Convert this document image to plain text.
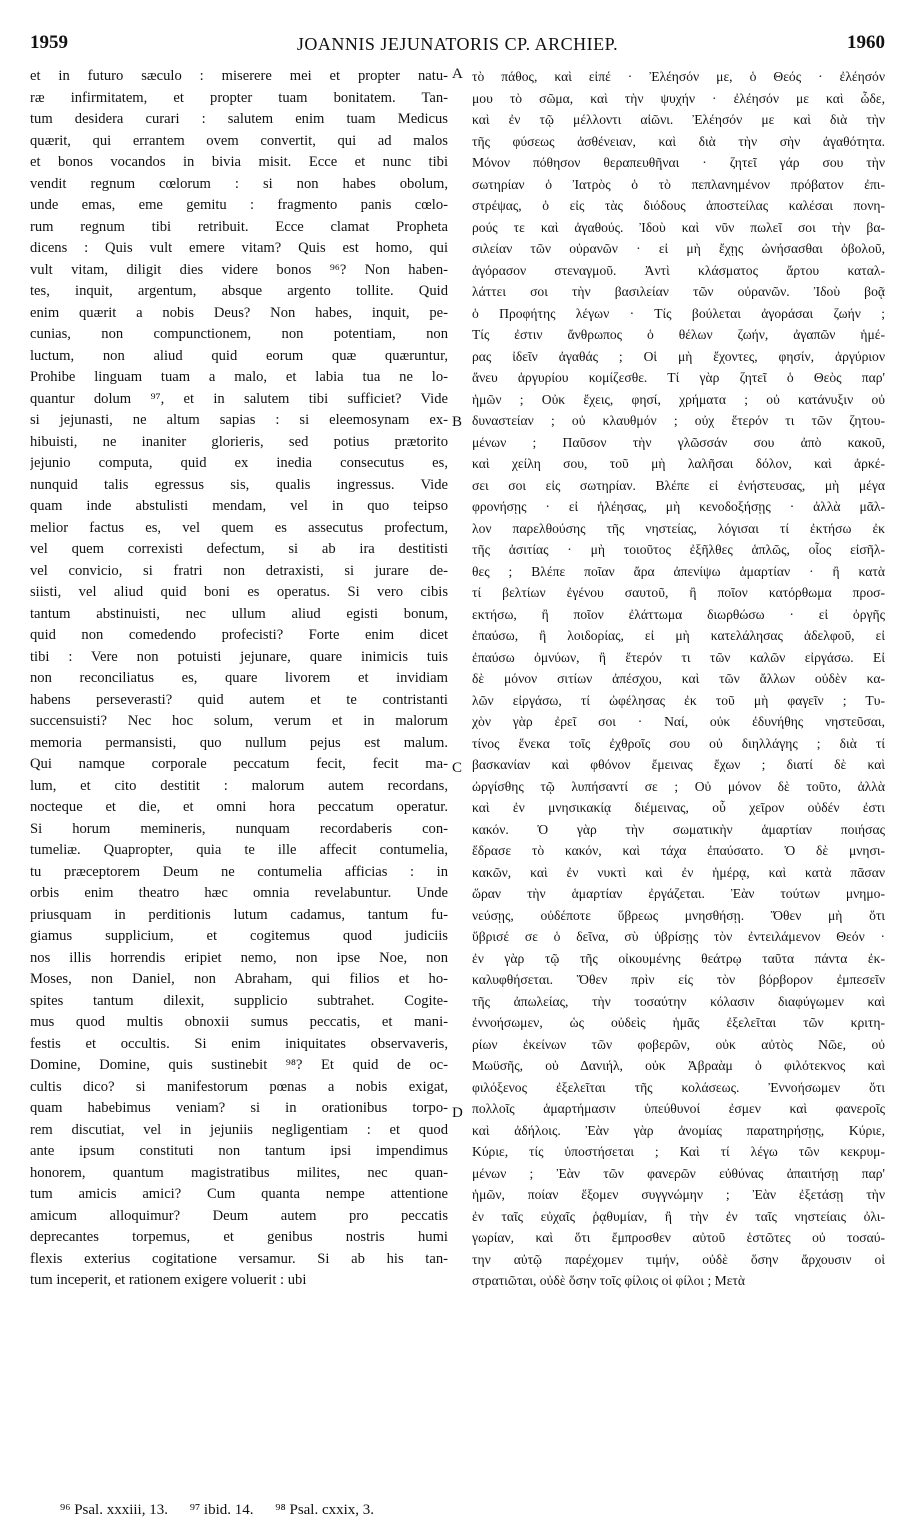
1959	JOANNIS JEJUNATORIS CP. ARCHIEP.	1960
et in futuro sæculo : miserere mei et propter natu-
ræ infirmitatem, et propter tuam bonitatem. Tan-
tum desidera curari : salutem enim tuam Medicus
quærit, qui errantem ovem convertit, qui ad malos
et bonos vocandos in bivia misit. Ecce et nunc tibi
vendit regnum cœlorum : si non habes obolum,
unde emas, eme gemitu : fragmento panis cœlo-
rum regnum tibi retribuit. Ecce clamat Propheta
dicens : Quis vult emere vitam? Quis est homo, qui
vult vitam, diligit dies videre bonos ⁹⁶? Non haben-
tes, inquit, argentum, absque argento tollite. Quid
enim quærit a nobis Deus? Non habes, inquit, pe-
cunias, non compunctionem, non potentiam, non
luctum, non aliud quid eorum quæ quæruntur,
Prohibe linguam tuam a malo, et labia tua ne lo-
quantur dolum ⁹⁷, et in salutem tibi sufficiet? Vide
si jejunasti, ne altum sapias : si eleemosynam ex-
hibuisti, ne inaniter glorieris, sed potius prætorito
jejunio computa, quid ex inedia consecutus es,
nunquid talis egressus sis, qualis ingressus. Vide
quam inde abstulisti mendam, vel in quo teipso
melior factus es, vel quem es assecutus profectum,
vel quem correxisti defectum, si ab ira destitisti
vel convicio, si fratri non detraxisti, si jurare de-
siisti, vel aliud quid boni es operatus. Si vero cibis
tantum abstinuisti, nec ullum aliud egisti bonum,
quid non comedendo profecisti? Forte enim dicet
tibi : Vere non potuisti jejunare, quare inimicis tuis
non reconciliatus es, quare livorem et invidiam
habens perseverasti? quid autem et te contristanti
succensuisti? Nec hoc solum, verum et in malorum
memoria permansisti, quo nullum pejus est malum.
Qui namque corporale peccatum fecit, fecit ma-
lum, et cito destitit : malorum autem recordans,
nocteque et die, et omni hora peccatum operatur.
Si horum memineris, nunquam recordaberis con-
tumeliæ. Quapropter, quia te ille affecit contumelia,
tu præceptorem Deum ne contumelia afficias : in
orbis enim theatro hæc omnia revelabuntur. Unde
priusquam in perditionis lutum cadamus, tantum fu-
giamus supplicium, et cogitemus quod judiciis
nos illis horrendis eripiet nemo, non ipse Noe, non
Moses, non Daniel, non Abraham, qui filios et ho-
spites tantum dilexit, supplicio subtrahet. Cogite-
mus quod multis obnoxii sumus peccatis, et mani-
festis et occultis. Si enim iniquitates observaveris,
Domine, Domine, quis sustinebit ⁹⁸? Et quid de oc-
cultis dico? si manifestorum pœnas a nobis exigat,
quam habebimus veniam? si in orationibus torpo-
rem discutiat, vel in jejuniis negligentiam : et quod
ante ipsum constituti non tantum ipsi impendimus
honorem, quantum magistratibus milites, nec quan-
tum amicis amici? Cum quanta nempe attentione
amicum alloquimur? Deum autem pro peccatis
deprecantes torpemus, et genibus nostris humi
flexis exterius cogitatione versamur. Si ab his tan-
tum inceperit, et rationem exigere voluerit : ubi
τὸ πάθος, καὶ εἰπέ · Ἐλέησόν με, ὁ Θεός · ἐλέησόν
μου τὸ σῶμα, καὶ τὴν ψυχήν · ἐλέησόν με καὶ ὧδε,
καὶ ἐν τῷ μέλλοντι αἰῶνι. Ἐλέησόν με καὶ διὰ τὴν
τῆς φύσεως ἀσθένειαν, καὶ διὰ τὴν σὴν ἀγαθότητα.
Μόνον πόθησον θεραπευθῆναι · ζητεῖ γάρ σου τὴν
σωτηρίαν ὁ Ἰατρὸς ὁ τὸ πεπλανημένον πρόβατον ἐπι-
στρέψας, ὁ εἰς τὰς διόδους ἀποστείλας καλέσαι πονη-
ρούς τε καὶ ἀγαθούς. Ἰδοὺ καὶ νῦν πωλεῖ σοι τὴν βα-
σιλείαν τῶν οὐρανῶν · εἰ μὴ ἔχῃς ὠνήσασθαι ὀβολοῦ,
ἀγόρασον στεναγμοῦ. Ἀντὶ κλάσματος ἄρτου καταλ-
λάττει σοι τὴν βασιλείαν τῶν οὐρανῶν. Ἰδοὺ βοᾷ
ὁ Προφήτης λέγων · Τίς βούλεται ἀγοράσαι ζωήν ;
Τίς ἐστιν ἄνθρωπος ὁ θέλων ζωήν, ἀγαπῶν ἡμέ-
ρας ἰδεῖν ἀγαθάς ; Οἱ μὴ ἔχοντες, φησίν, ἀργύριον
ἄνευ ἀργυρίου κομίζεσθε. Τί γὰρ ζητεῖ ὁ Θεὸς παρ'
ἡμῶν ; Οὐκ ἔχεις, φησί, χρήματα ; οὐ κατάνυξιν οὐ
δυναστείαν ; οὐ κλαυθμόν ; οὐχ ἕτερόν τι τῶν ζητου-
μένων ; Παῦσον τὴν γλῶσσάν σου ἀπὸ κακοῦ,
καὶ χείλη σου, τοῦ μὴ λαλῆσαι δόλον, καὶ ἀρκέ-
σει σοι εἰς σωτηρίαν. Βλέπε εἰ ἐνήστευσας, μὴ μέγα
φρονήσῃς · εἰ ἠλέησας, μὴ κενοδοξήσῃς · ἀλλὰ μᾶλ-
λον παρελθούσης τῆς νηστείας, λόγισαι τί ἐκτήσω ἐκ
τῆς ἀσιτίας · μὴ τοιοῦτος ἐξῆλθες ἁπλῶς, οἷος εἰσῆλ-
θες ; Βλέπε ποῖαν ἄρα ἀπενίψω ἁμαρτίαν · ἢ κατὰ
τί βελτίων ἐγένου σαυτοῦ, ἢ ποῖον κατόρθωμα προσ-
εκτήσω, ἢ ποῖον ἐλάττωμα διωρθώσω · εἰ ὀργῆς
ἐπαύσω, ἢ λοιδορίας, εἰ μὴ κατελάλησας ἀδελφοῦ, εἰ
ἐπαύσω ὀμνύων, ἢ ἕτερόν τι τῶν καλῶν εἰργάσω. Εἰ
δὲ μόνον σιτίων ἀπέσχου, καὶ τῶν ἄλλων οὐδὲν κα-
λῶν εἰργάσω, τί ὠφέλησας ἐκ τοῦ μὴ φαγεῖν ; Τυ-
χὸν γὰρ ἐρεῖ σοι · Ναί, οὐκ ἐδυνήθης νηστεῦσαι,
τίνος ἕνεκα τοῖς ἐχθροῖς σου οὐ διηλλάγης ; διὰ τί
βασκανίαν καὶ φθόνον ἔμεινας ἔχων ; διατί δὲ καὶ
ὠργίσθης τῷ λυπήσαντί σε ; Οὐ μόνον δὲ τοῦτο, ἀλλὰ
καὶ ἐν μνησικακίᾳ διέμεινας, οὗ χεῖρον οὐδέν ἐστι
κακόν. Ὁ γὰρ τὴν σωματικὴν ἁμαρτίαν ποιήσας
ἔδρασε τὸ κακόν, καὶ τάχα ἐπαύσατο. Ὁ δὲ μνησι-
κακῶν, καὶ ἐν νυκτὶ καὶ ἐν ἡμέρᾳ, καὶ κατὰ πᾶσαν
ὥραν τὴν ἁμαρτίαν ἐργάζεται. Ἐὰν τούτων μνημο-
νεύσῃς, οὐδέποτε ὕβρεως μνησθήσῃ. Ὅθεν μὴ ὅτι
ὕβρισέ σε ὁ δεῖνα, σὺ ὑβρίσῃς τὸν ἐντειλάμενον Θεόν ·
ἐν γὰρ τῷ τῆς οἰκουμένης θεάτρῳ ταῦτα πάντα ἐκ-
καλυφθήσεται. Ὅθεν πρὶν εἰς τὸν βόρβορον ἐμπεσεῖν
τῆς ἀπωλείας, τὴν τοσαύτην κόλασιν διαφύγωμεν καὶ
ἐννοήσωμεν, ὡς οὐδεὶς ἡμᾶς ἐξελεῖται τῶν κριτη-
ρίων ἐκείνων τῶν φοβερῶν, οὐκ αὐτὸς Νῶε, οὐ
Μωϋσῆς, οὐ Δανιήλ, οὐκ Ἀβραὰμ ὁ φιλότεκνος καὶ
φιλόξενος ἐξελεῖται τῆς κολάσεως. Ἐννοήσωμεν ὅτι
πολλοῖς ἁμαρτήμασιν ὑπεύθυνοί ἐσμεν καὶ φανεροῖς
καὶ ἀδήλοις. Ἐὰν γὰρ ἀνομίας παρατηρήσῃς, Κύριε,
Κύριε, τίς ὑποστήσεται ; Καὶ τί λέγω τῶν κεκρυμ-
μένων ; Ἐὰν τῶν φανερῶν εὐθύνας ἀπαιτήσῃ παρ'
ἡμῶν, ποίαν ἕξομεν συγγνώμην ; Ἐὰν ἐξετάσῃ τὴν
ἐν ταῖς εὐχαῖς ῥᾳθυμίαν, ἢ τὴν ἐν ταῖς νηστείαις ὀλι-
γωρίαν, καὶ ὅτι ἔμπροσθεν αὐτοῦ ἑστῶτες οὐ τοσαύ-
την αὐτῷ παρέχομεν τιμήν, οὐδὲ ὅσην ἄρχουσιν οἱ
στρατιῶται, οὐδὲ ὅσην τοῖς φίλοις οἱ φίλοι ; Μετὰ
A
B
C
D
⁹⁶ Psal. xxxiii, 13. ⁹⁷ ibid. 14. ⁹⁸ Psal. cxxix, 3.
